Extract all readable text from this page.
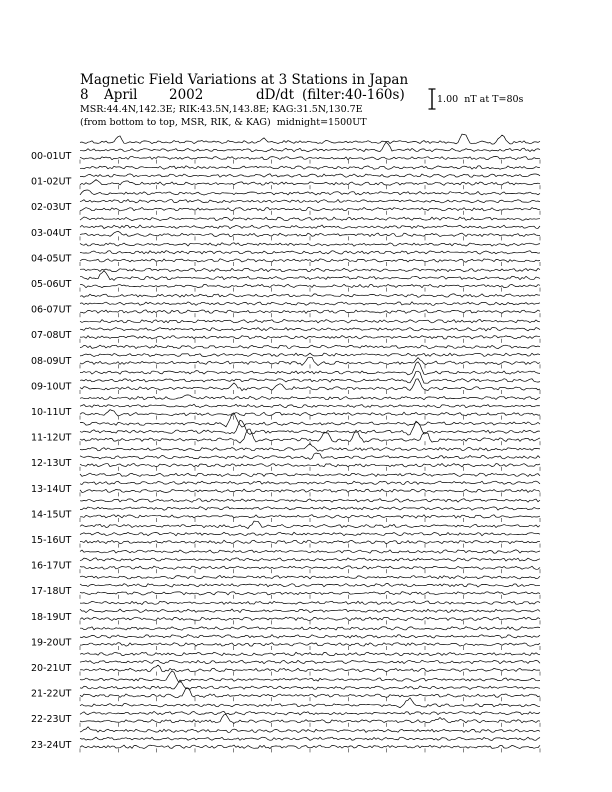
Magnetic Field Variations at 3 Stations in Japan

8

April

2002

	dD/dt

(filter:40-160s)

MSR:44.4N,142.3E; RIK:43.5N,143.8E; KAG:31.5N,130.7E
(from bottom to top, MSR, RIK, & KAG)  midnight=1500UT
1.00  nT at T=80s
00-01UT
01-02UT
02-03UT
03-04UT
04-05UT
05-06UT
06-07UT
07-08UT
08-09UT
09-10UT
10-11UT
11-12UT
12-13UT
13-14UT
14-15UT
15-16UT
16-17UT
17-18UT
18-19UT
19-20UT
20-21UT
21-22UT
22-23UT
23-24UT
